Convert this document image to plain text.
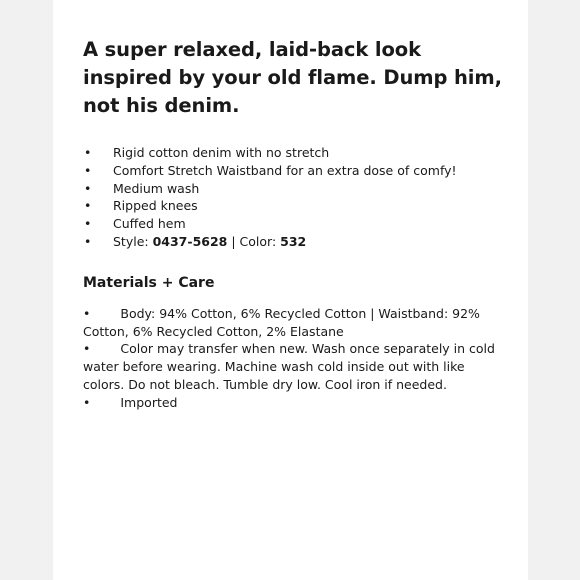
A super relaxed, laid-back look inspired by your old flame. Dump him, not his denim.
• Rigid cotton denim with no stretch
• Comfort Stretch Waistband for an extra dose of comfy!
• Medium wash
• Ripped knees
• Cuffed hem
• Style: 0437-5628 | Color: 532
Materials + Care
• Body: 94% Cotton, 6% Recycled Cotton | Waistband: 92% Cotton, 6% Recycled Cotton, 2% Elastane
• Color may transfer when new. Wash once separately in cold water before wearing. Machine wash cold inside out with like colors. Do not bleach. Tumble dry low. Cool iron if needed.
• Imported
